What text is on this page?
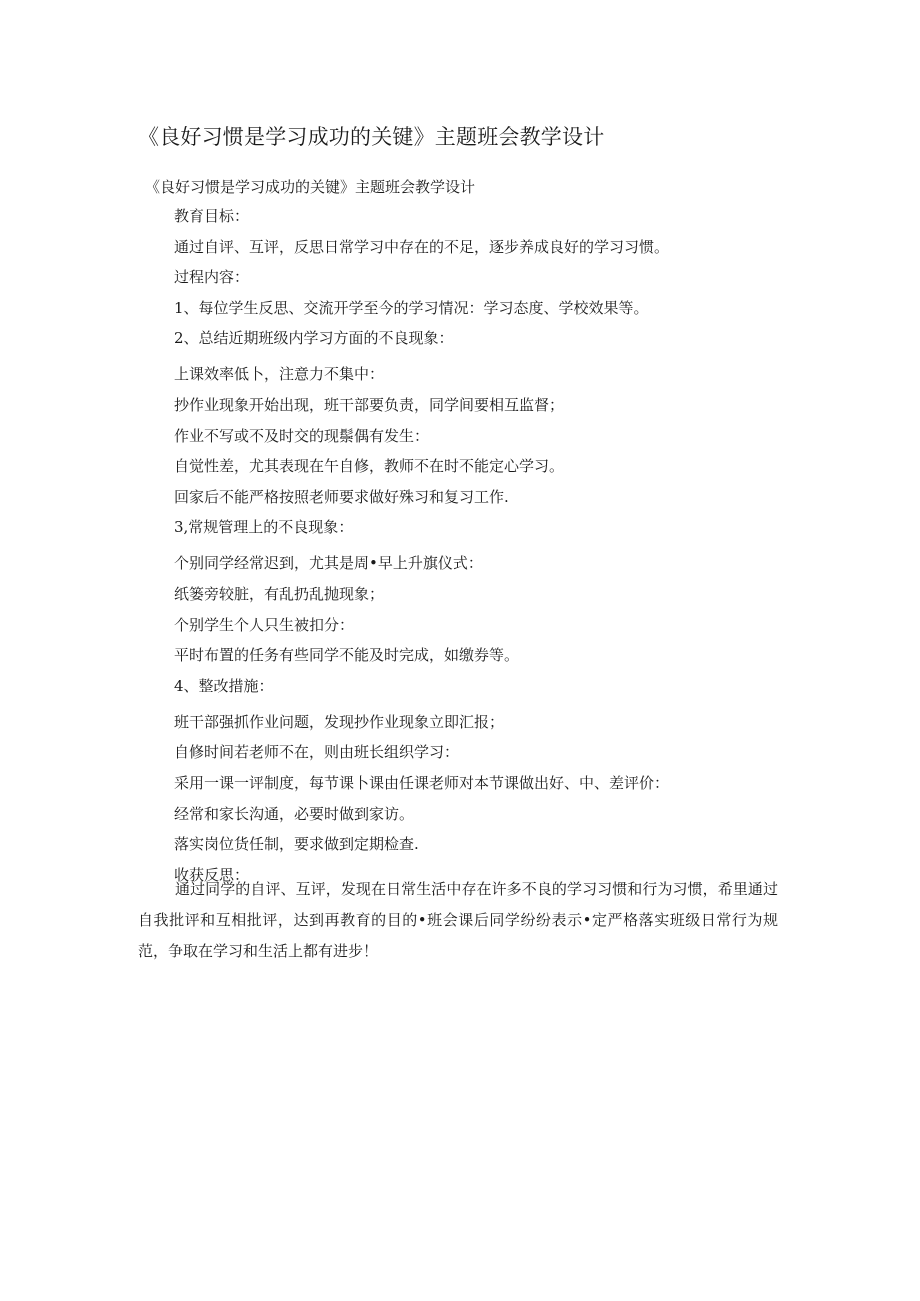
《良好习惯是学习成功的关键》主题班会教学设计
《良好习惯是学习成功的关键》主题班会教学设计
教育目标：
通过自评、互评，反思日常学习中存在的不足，逐步养成良好的学习习惯。
过程内容：
1、每位学生反思、交流开学至今的学习情况：学习态度、学校效果等。
2、总结近期班级内学习方面的不良现象：
上课效率低卜，注意力不集中：
抄作业现象开始出现，班干部要负责，同学间要相互监督；
作业不写或不及时交的现鬃偶有发生：
自觉性差，尤其表现在午自修，教师不在时不能定心学习。
回家后不能严格按照老师要求做好殊习和复习工作.
3,常规管理上的不良现象：
个别同学经常迟到，尤其是周•早上升旗仪式：
纸篓旁较脏，有乱扔乱抛现象；
个别学生个人只生被扣分：
平时布置的任务有些同学不能及时完成，如缴券等。
4、整改措施：
班干部强抓作业问题，发现抄作业现象立即汇报；
自修时间若老师不在，则由班长组织学习：
采用一课一评制度，每节课卜课由任课老师对本节课做出好、中、差评价：
经常和家长沟通，必要时做到家访。
落实岗位货任制，要求做到定期检查.
收获反思：

通过同学的自评、互评，发现在日常生活中存在许多不良的学习习惯和行为习惯，希里通过自我批评和互相批评，达到再教育的目的•班会课后同学纷纷表示•定严格落实班级日常行为规范，争取在学习和生活上都有进步！
